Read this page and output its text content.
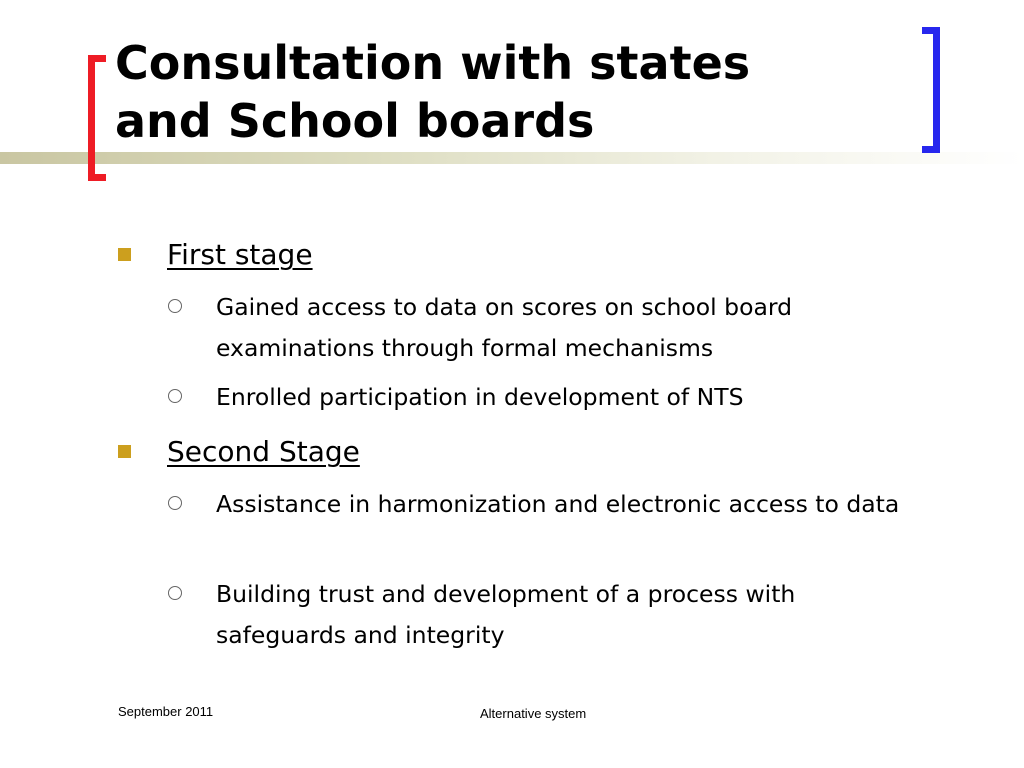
Consultation with states
and School boards
First stage
Gained access to data on scores on school board examinations through formal mechanisms
Enrolled participation in development of NTS
Second Stage
Assistance in harmonization and electronic access to data
Building trust and development of a process with safeguards and integrity
September 2011	Alternative system
